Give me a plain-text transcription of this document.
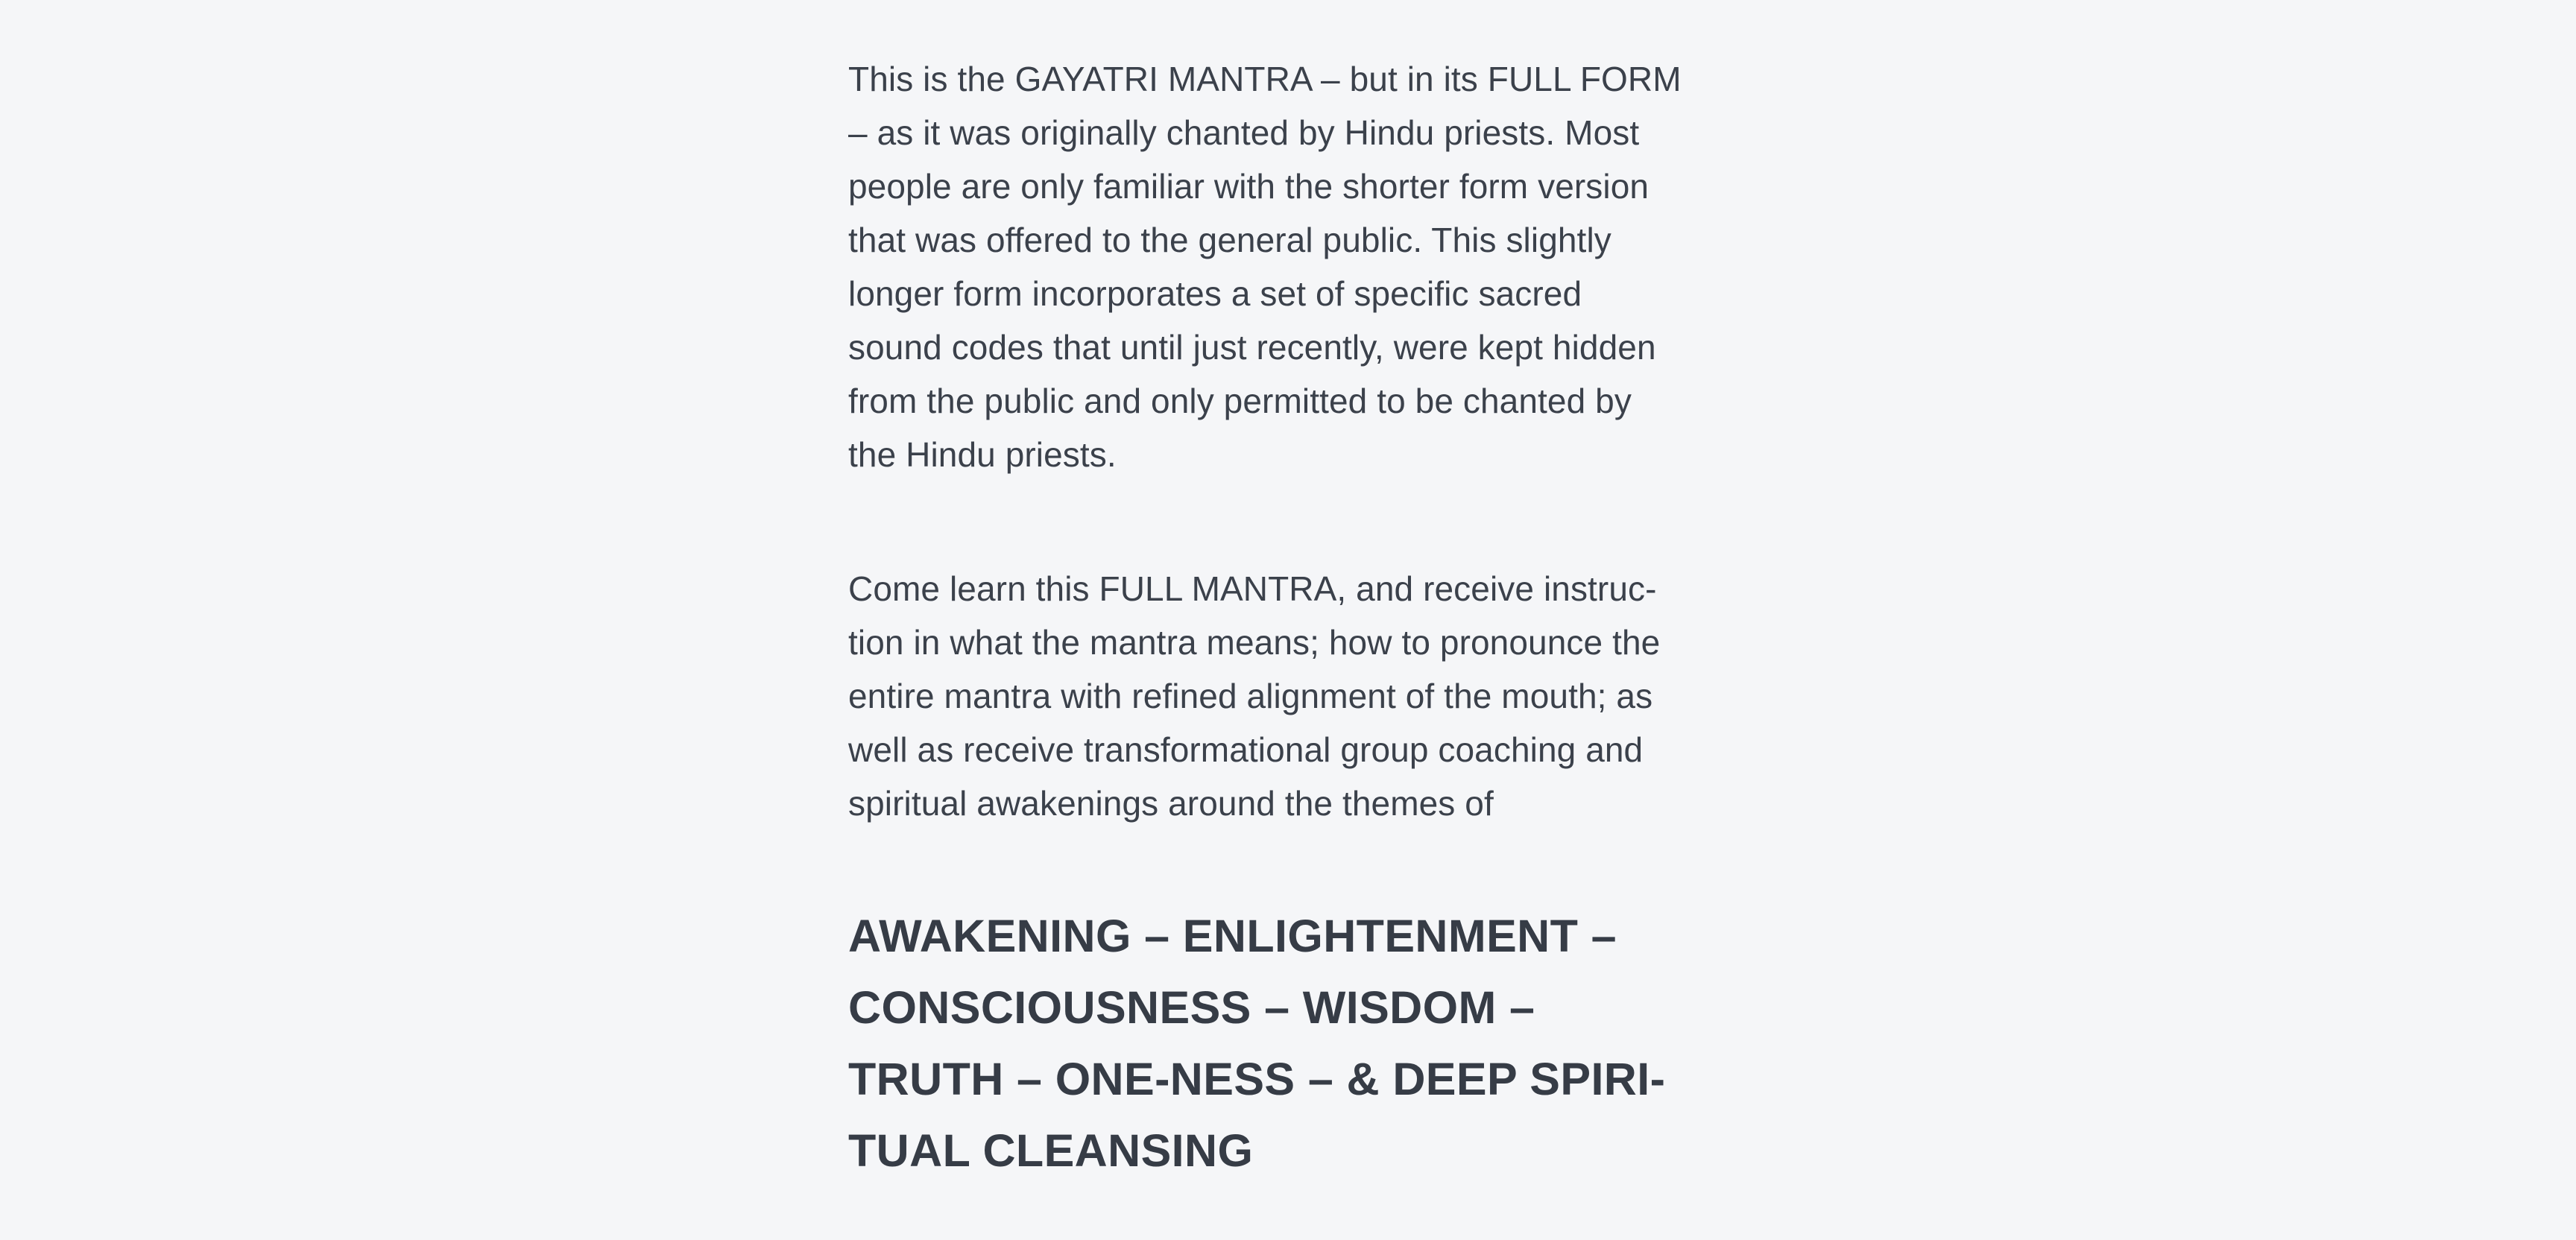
This is the GAYATRI MANTRA – but in its FULL FORM
– as it was originally chanted by Hindu priests. Most
people are only familiar with the shorter form version
that was offered to the general public. This slightly
longer form incorporates a set of specific sacred
sound codes that until just recently, were kept hidden
from the public and only permitted to be chanted by
the Hindu priests.

Come learn this FULL MANTRA, and receive instruc-
tion in what the mantra means; how to pronounce the
entire mantra with refined alignment of the mouth; as
well as receive transformational group coaching and
spiritual awakenings around the themes of

AWAKENING – ENLIGHTENMENT –
CONSCIOUSNESS – WISDOM –
TRUTH – ONE-NESS – & DEEP SPIRI-
TUAL CLEANSING
